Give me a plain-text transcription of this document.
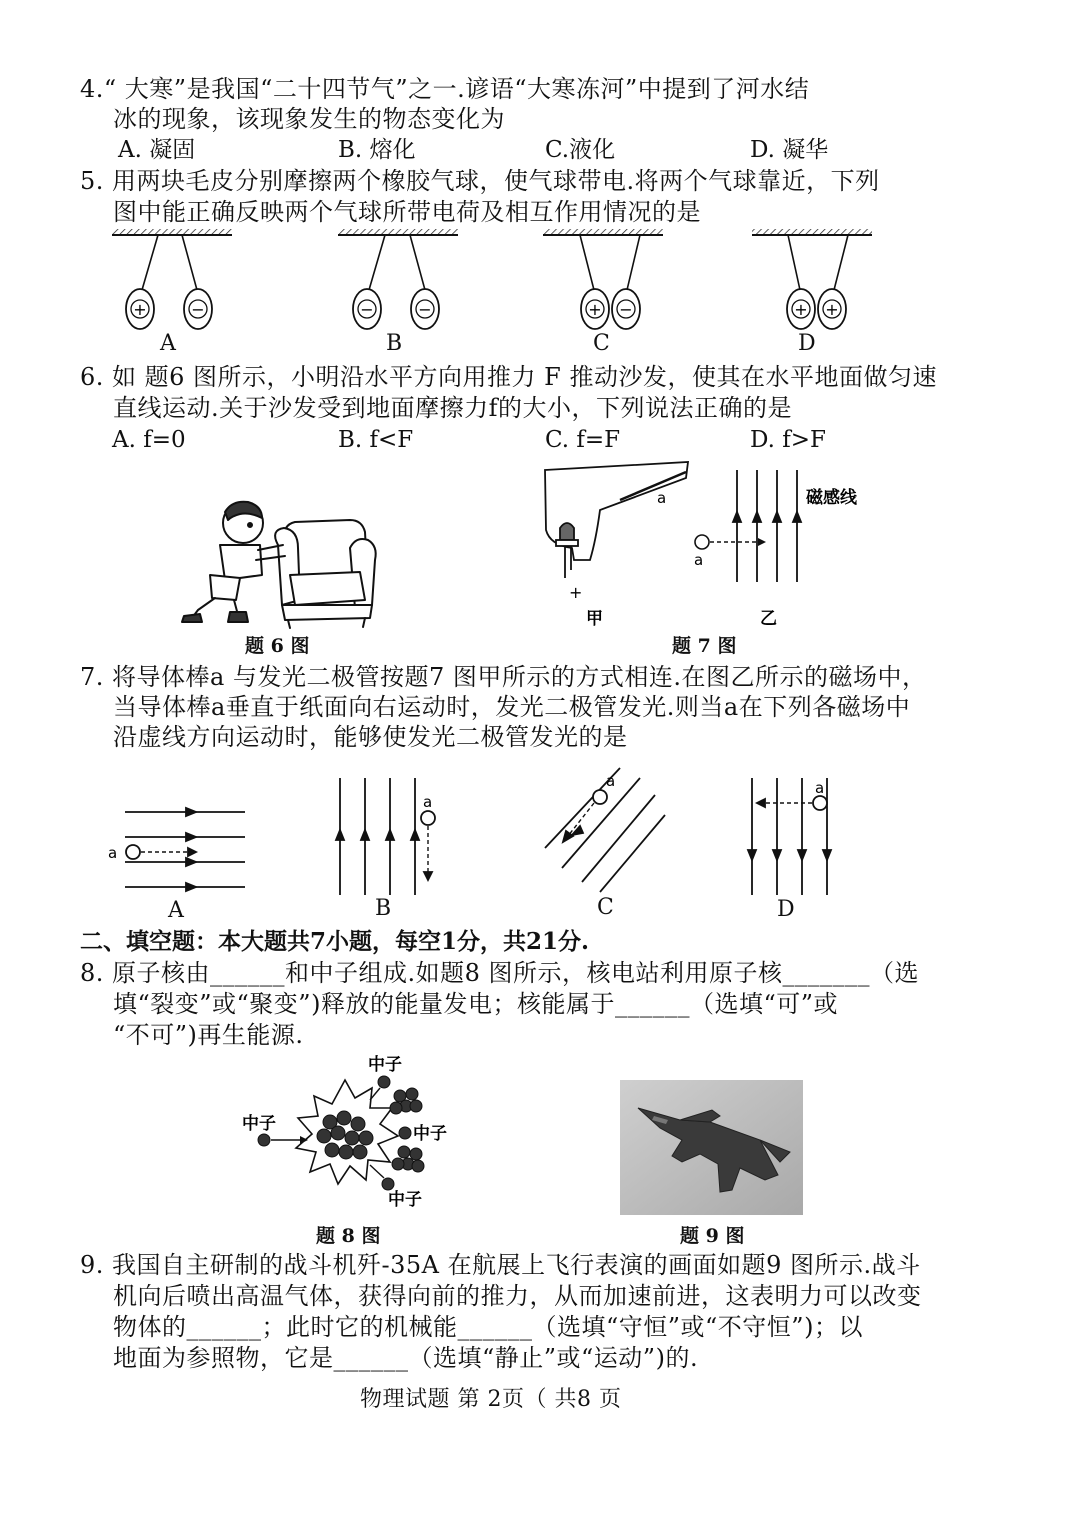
4.“ 大寒”是我国“二十四节气”之一.谚语“大寒冻河”中提到了河水结
冰的现象，该现象发生的物态变化为
A. 凝固	B. 熔化	C.液化	D. 凝华
5. 用两块毛皮分别摩擦两个橡胶气球，使气球带电.将两个气球靠近，下列
图中能正确反映两个气球所带电荷及相互作用情况的是
+	−	−	−	+ −	+ +
A	B	C	D
6. 如 题6 图所示，小明沿水平方向用推力 F 推动沙发，使其在水平地面做匀速
直线运动.关于沙发受到地面摩擦力f的大小，下列说法正确的是
A. f=0	B. f<F	C. f=F	D. f>F
题 6 图
a
a
+
磁感线
甲	乙
题 7 图
7. 将导体棒a 与发光二极管按题7 图甲所示的方式相连.在图乙所示的磁场中，
当导体棒a垂直于纸面向右运动时，发光二极管发光.则当a在下列各磁场中
沿虚线方向运动时，能够使发光二极管发光的是
a
a
a	a
A	B	C	D
二、填空题：本大题共7小题，每空1分，共21分.
8. 原子核由______和中子组成.如题8 图所示，核电站利用原子核_______（选
填“裂变”或“聚变”)释放的能量发电；核能属于______（选填“可”或
“不可”)再生能源.
中子
中子	中子
中子
题 8 图	题 9 图
9. 我国自主研制的战斗机歼-35A 在航展上飞行表演的画面如题9 图所示.战斗
机向后喷出高温气体，获得向前的推力，从而加速前进，这表明力可以改变
物体的______；此时它的机械能______（选填“守恒”或“不守恒”)；以
地面为参照物，它是______（选填“静止”或“运动”)的.
物理试题 第 2页（ 共8 页
